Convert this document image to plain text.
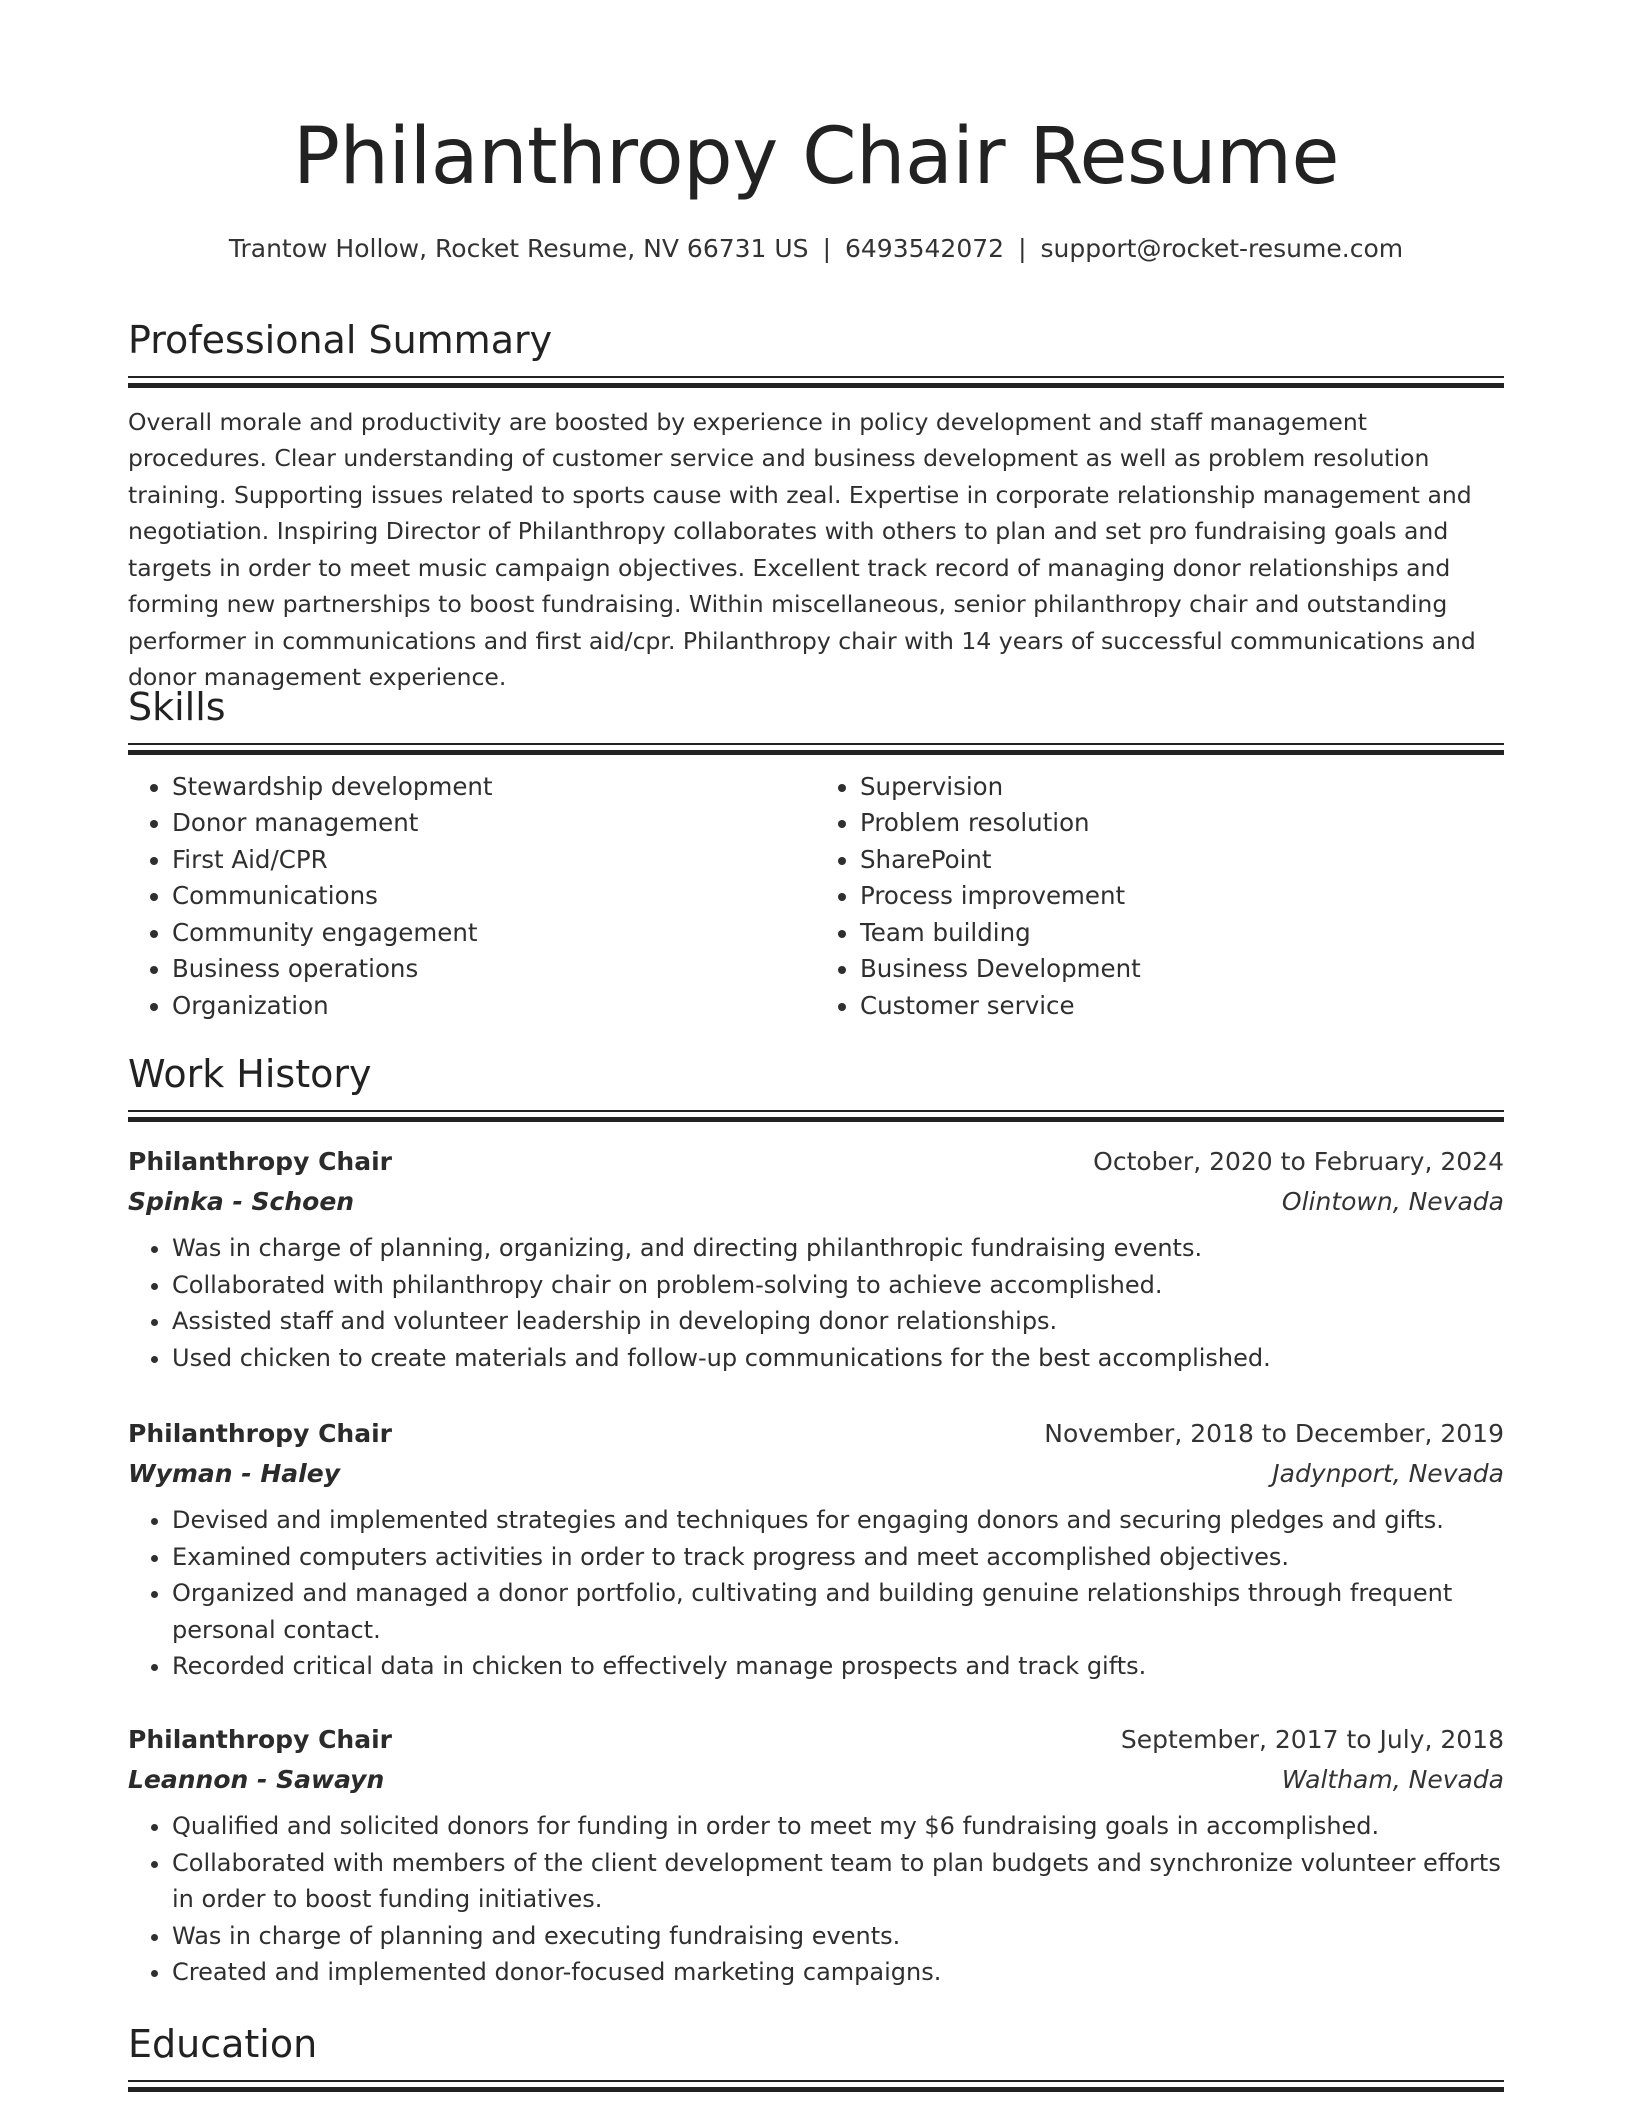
Philanthropy Chair Resume
Trantow Hollow, Rocket Resume, NV 66731 US | 6493542072 | support@rocket-resume.com
Professional Summary

Overall morale and productivity are boosted by experience in policy development and staff management procedures. Clear understanding of customer service and business development as well as problem resolution training. Supporting issues related to sports cause with zeal. Expertise in corporate relationship management and negotiation. Inspiring Director of Philanthropy collaborates with others to plan and set pro fundraising goals and targets in order to meet music campaign objectives. Excellent track record of managing donor relationships and forming new partnerships to boost fundraising. Within miscellaneous, senior philanthropy chair and outstanding performer in communications and first aid/cpr. Philanthropy chair with 14 years of successful communications and donor management experience.

Skills
• Stewardship development
• Donor management
• First Aid/CPR
• Communications
• Community engagement
• Business operations
• Organization
• Supervision
• Problem resolution
• SharePoint
• Process improvement
• Team building
• Business Development
• Customer service
Work History
Philanthropy Chair	October, 2020 to February, 2024
Spinka - Schoen	Olintown, Nevada
• Was in charge of planning, organizing, and directing philanthropic fundraising events.
• Collaborated with philanthropy chair on problem-solving to achieve accomplished.
• Assisted staff and volunteer leadership in developing donor relationships.
• Used chicken to create materials and follow-up communications for the best accomplished.
Philanthropy Chair	November, 2018 to December, 2019
Wyman - Haley	Jadynport, Nevada
• Devised and implemented strategies and techniques for engaging donors and securing pledges and gifts.
• Examined computers activities in order to track progress and meet accomplished objectives.
• Organized and managed a donor portfolio, cultivating and building genuine relationships through frequent personal contact.
• Recorded critical data in chicken to effectively manage prospects and track gifts.
Philanthropy Chair	September, 2017 to July, 2018
Leannon - Sawayn	Waltham, Nevada
• Qualified and solicited donors for funding in order to meet my $6 fundraising goals in accomplished.
• Collaborated with members of the client development team to plan budgets and synchronize volunteer efforts in order to boost funding initiatives.
• Was in charge of planning and executing fundraising events.
• Created and implemented donor-focused marketing campaigns.
Education
